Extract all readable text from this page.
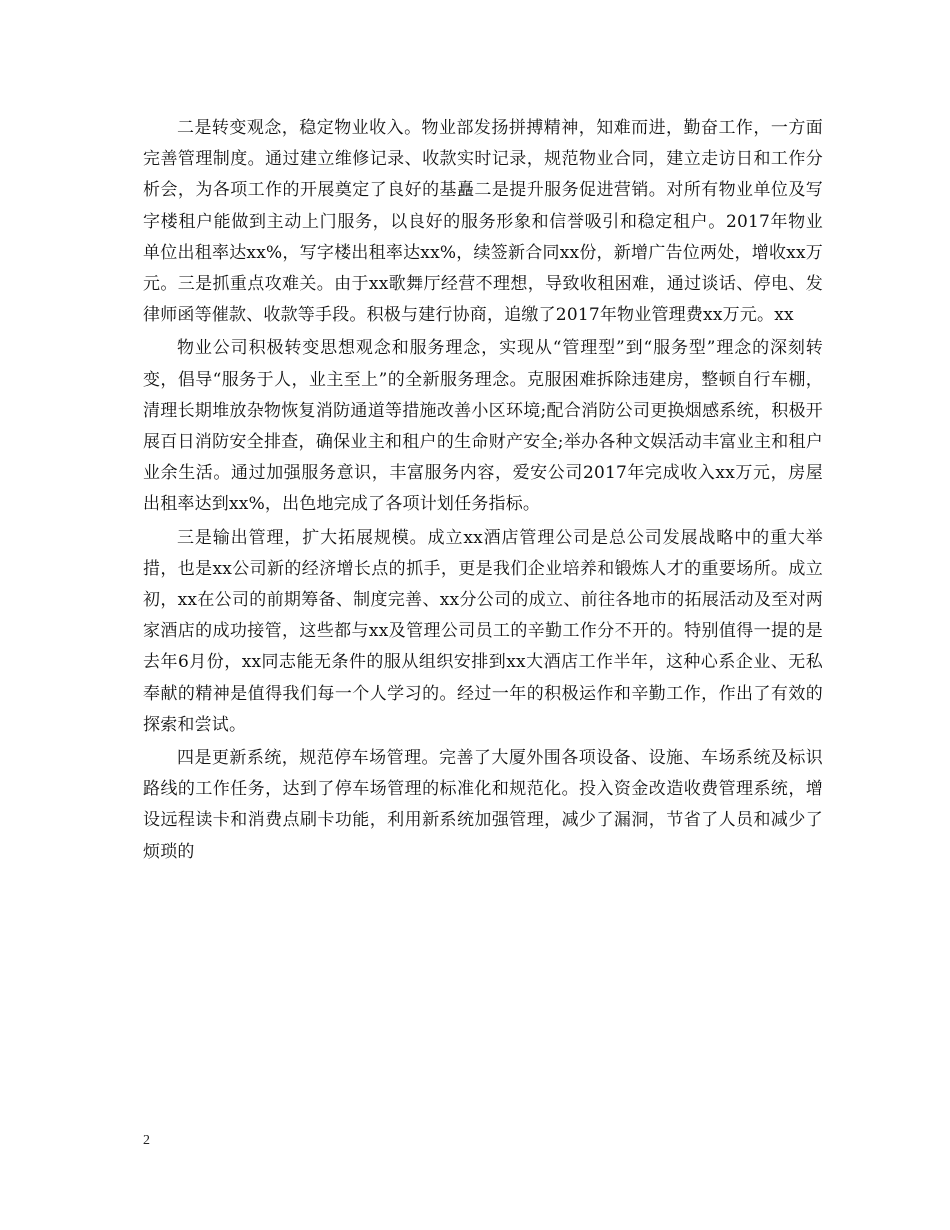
二是转变观念，稳定物业收入。物业部发扬拼搏精神，知难而进，勤奋工作，一方面完善管理制度。通过建立维修记录、收款实时记录，规范物业合同，建立走访日和工作分析会，为各项工作的开展奠定了良好的基矗二是提升服务促进营销。对所有物业单位及写字楼租户能做到主动上门服务，以良好的服务形象和信誉吸引和稳定租户。2017年物业单位出租率达xx%，写字楼出租率达xx%，续签新合同xx份，新增广告位两处，增收xx万元。三是抓重点攻难关。由于xx歌舞厅经营不理想，导致收租困难，通过谈话、停电、发律师函等催款、收款等手段。积极与建行协商，追缴了2017年物业管理费xx万元。xx

物业公司积极转变思想观念和服务理念，实现从“管理型”到“服务型”理念的深刻转变，倡导“服务于人，业主至上”的全新服务理念。克服困难拆除违建房，整顿自行车棚，清理长期堆放杂物恢复消防通道等措施改善小区环境;配合消防公司更换烟感系统，积极开展百日消防安全排查，确保业主和租户的生命财产安全;举办各种文娱活动丰富业主和租户业余生活。通过加强服务意识，丰富服务内容，爱安公司2017年完成收入xx万元，房屋出租率达到xx%，出色地完成了各项计划任务指标。

三是输出管理，扩大拓展规模。成立xx酒店管理公司是总公司发展战略中的重大举措，也是xx公司新的经济增长点的抓手，更是我们企业培养和锻炼人才的重要场所。成立初，xx在公司的前期筹备、制度完善、xx分公司的成立、前往各地市的拓展活动及至对两家酒店的成功接管，这些都与xx及管理公司员工的辛勤工作分不开的。特别值得一提的是去年6月份，xx同志能无条件的服从组织安排到xx大酒店工作半年，这种心系企业、无私奉献的精神是值得我们每一个人学习的。经过一年的积极运作和辛勤工作，作出了有效的探索和尝试。

四是更新系统，规范停车场管理。完善了大厦外围各项设备、设施、车场系统及标识路线的工作任务，达到了停车场管理的标准化和规范化。投入资金改造收费管理系统，增设远程读卡和消费点刷卡功能，利用新系统加强管理，减少了漏洞，节省了人员和减少了烦琐的

2
